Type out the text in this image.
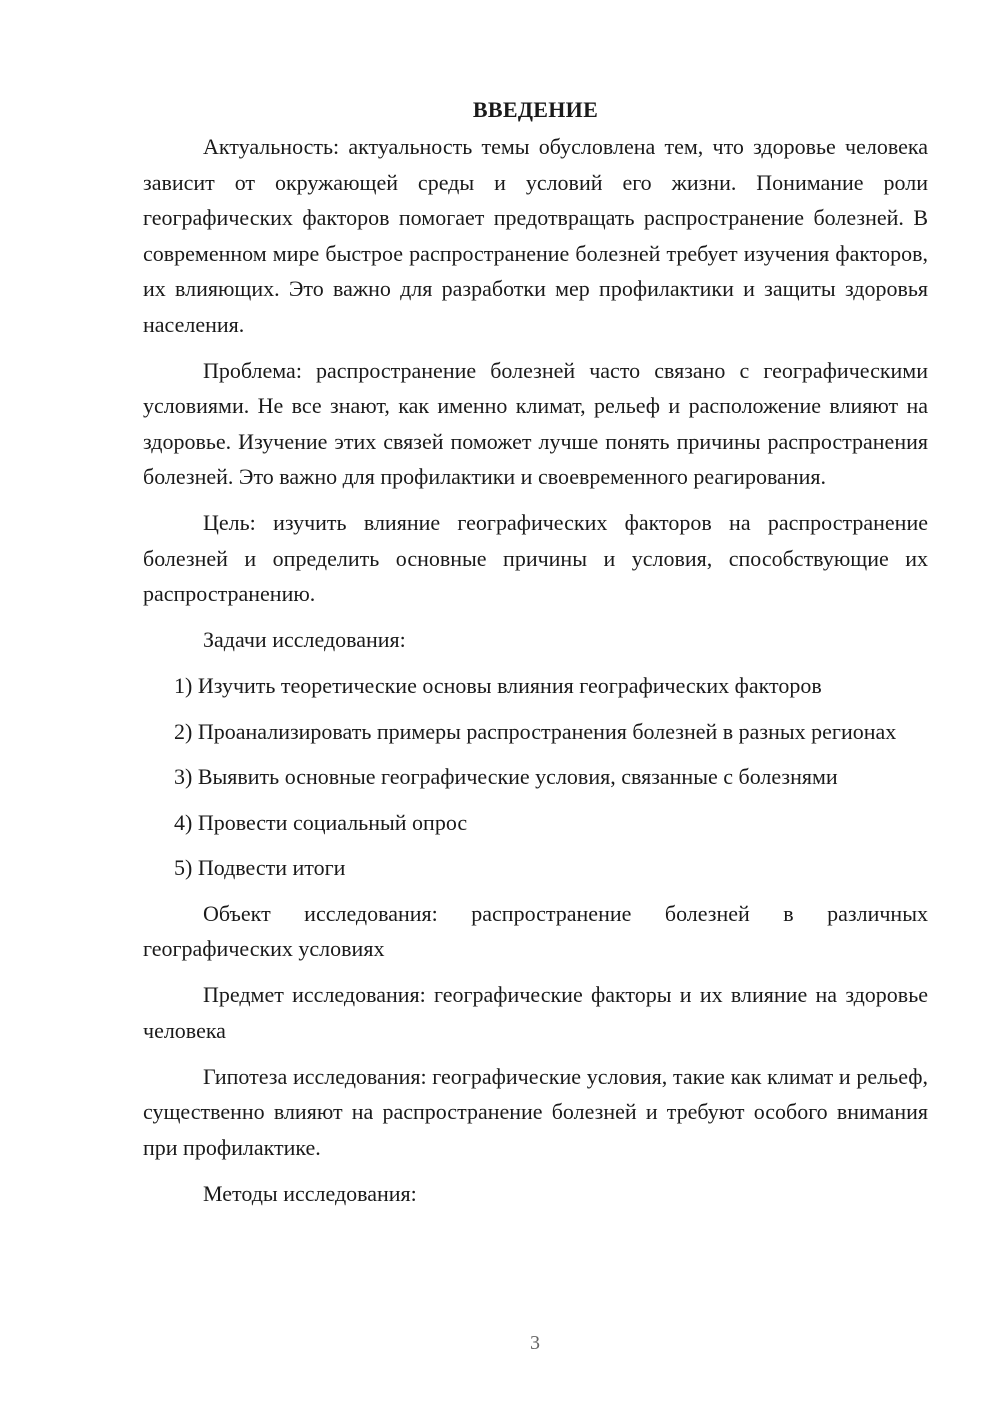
ВВЕДЕНИЕ

Актуальность: актуальность темы обусловлена тем, что здоровье человека зависит от окружающей среды и условий его жизни. Понимание роли географических факторов помогает предотвращать распространение болезней. В современном мире быстрое распространение болезней требует изучения факторов, их влияющих. Это важно для разработки мер профилактики и защиты здоровья населения.

Проблема: распространение болезней часто связано с географическими условиями. Не все знают, как именно климат, рельеф и расположение влияют на здоровье. Изучение этих связей поможет лучше понять причины распространения болезней. Это важно для профилактики и своевременного реагирования.

Цель: изучить влияние географических факторов на распространение болезней и определить основные причины и условия, способствующие их распространению.

Задачи исследования:

1) Изучить теоретические основы влияния географических факторов

2) Проанализировать примеры распространения болезней в разных регионах

3) Выявить основные географические условия, связанные с болезнями

4) Провести социальный опрос

5) Подвести итоги

Объект исследования: распространение болезней в различных географических условиях

Предмет исследования: географические факторы и их влияние на здоровье человека

Гипотеза исследования: географические условия, такие как климат и рельеф, существенно влияют на распространение болезней и требуют особого внимания при профилактике.

Методы исследования:

3
